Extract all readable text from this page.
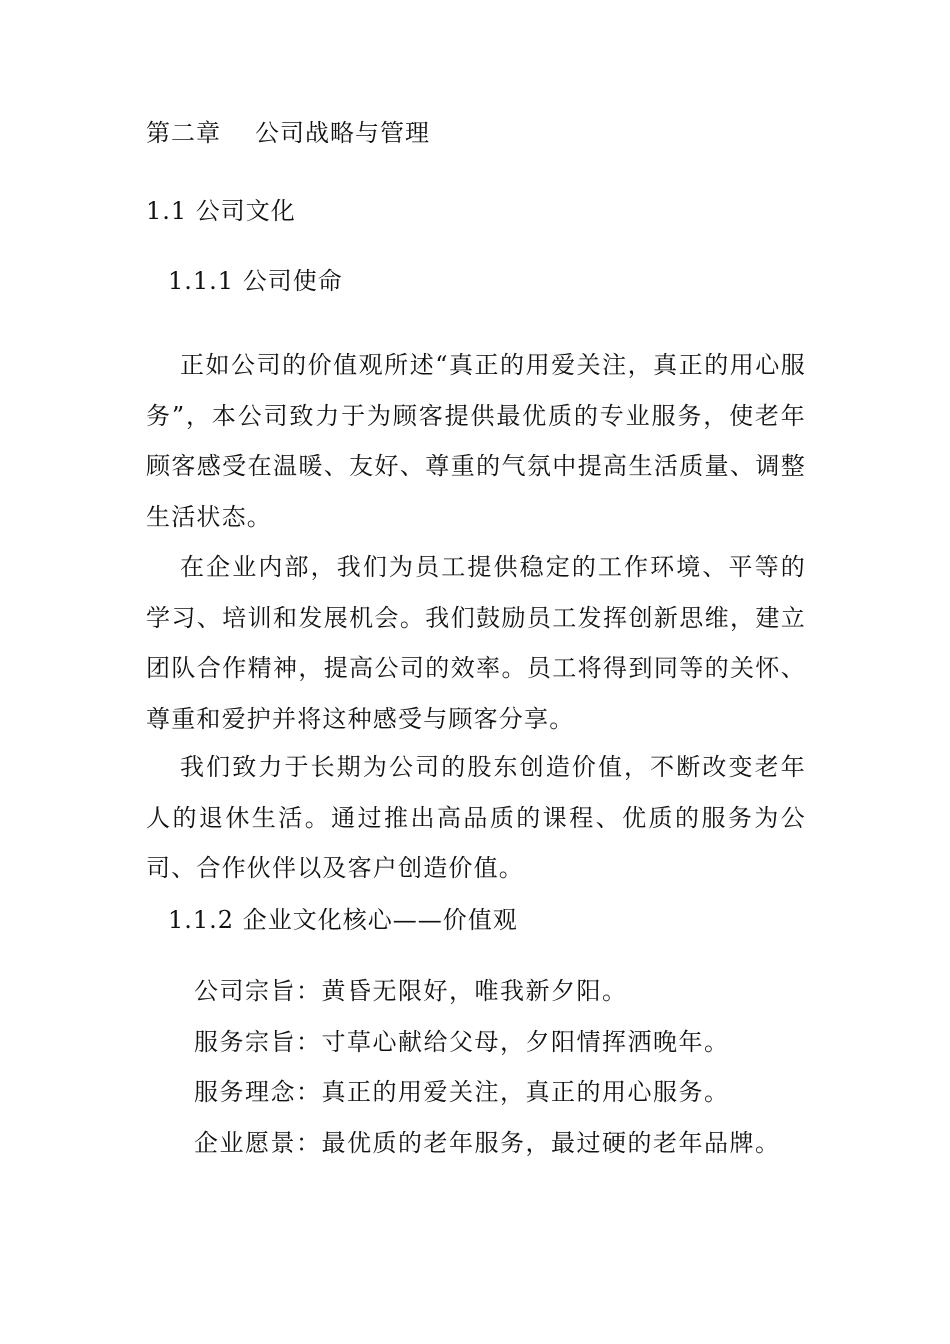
第二章 公司战略与管理
1.1 公司文化
1.1.1 公司使命

正如公司的价值观所述“真正的用爱关注，真正的用心服务”，本公司致力于为顾客提供最优质的专业服务，使老年顾客感受在温暖、友好、尊重的气氛中提高生活质量、调整生活状态。

在企业内部，我们为员工提供稳定的工作环境、平等的学习、培训和发展机会。我们鼓励员工发挥创新思维，建立团队合作精神，提高公司的效率。员工将得到同等的关怀、尊重和爱护并将这种感受与顾客分享。

我们致力于长期为公司的股东创造价值，不断改变老年人的退休生活。通过推出高品质的课程、优质的服务为公司、合作伙伴以及客户创造价值。

1.1.2 企业文化核心——价值观
公司宗旨：黄昏无限好，唯我新夕阳。
服务宗旨：寸草心献给父母，夕阳情挥洒晚年。
服务理念：真正的用爱关注，真正的用心服务。
企业愿景：最优质的老年服务，最过硬的老年品牌。
